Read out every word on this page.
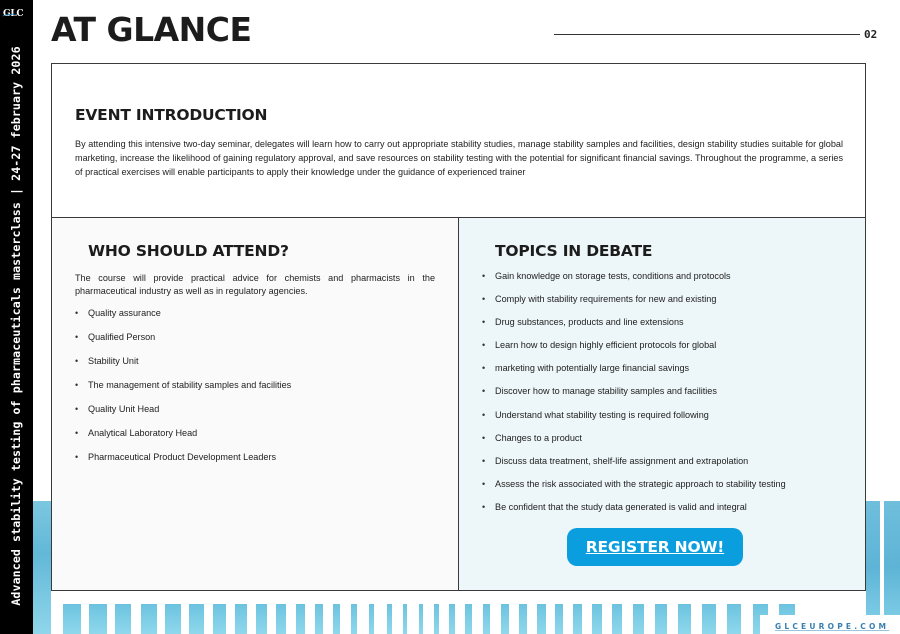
GLC
Advanced stability testing of pharmaceuticals masterclass | 24-27 february 2026
AT GLANCE	02
EVENT INTRODUCTION

By attending this intensive two-day seminar, delegates will learn how to carry out appropriate stability studies, manage stability samples and facilities, design stability studies suitable for global marketing, increase the likelihood of gaining regulatory approval, and save resources on stability testing with the potential for significant financial savings. Throughout the programme, a series of practical exercises will enable participants to apply their knowledge under the guidance of experienced trainer

WHO SHOULD ATTEND?

The course will provide practical advice for chemists and pharmacists in the pharmaceutical industry as well as in regulatory agencies.

• Quality assurance
• Qualified Person
• Stability Unit
• The management of stability samples and facilities
• Quality Unit Head
• Analytical Laboratory Head
• Pharmaceutical Product Development Leaders
TOPICS IN DEBATE
• Gain knowledge on storage tests, conditions and protocols
• Comply with stability requirements for new and existing
• Drug substances, products and line extensions
• Learn how to design highly efficient protocols for global
• marketing with potentially large financial savings
• Discover how to manage stability samples and facilities
• Understand what stability testing is required following
• Changes to a product
• Discuss data treatment, shelf-life assignment and extrapolation
• Assess the risk associated with the strategic approach to stability testing
• Be confident that the study data generated is valid and integral
REGISTER NOW!
GLCEUROPE.COM
